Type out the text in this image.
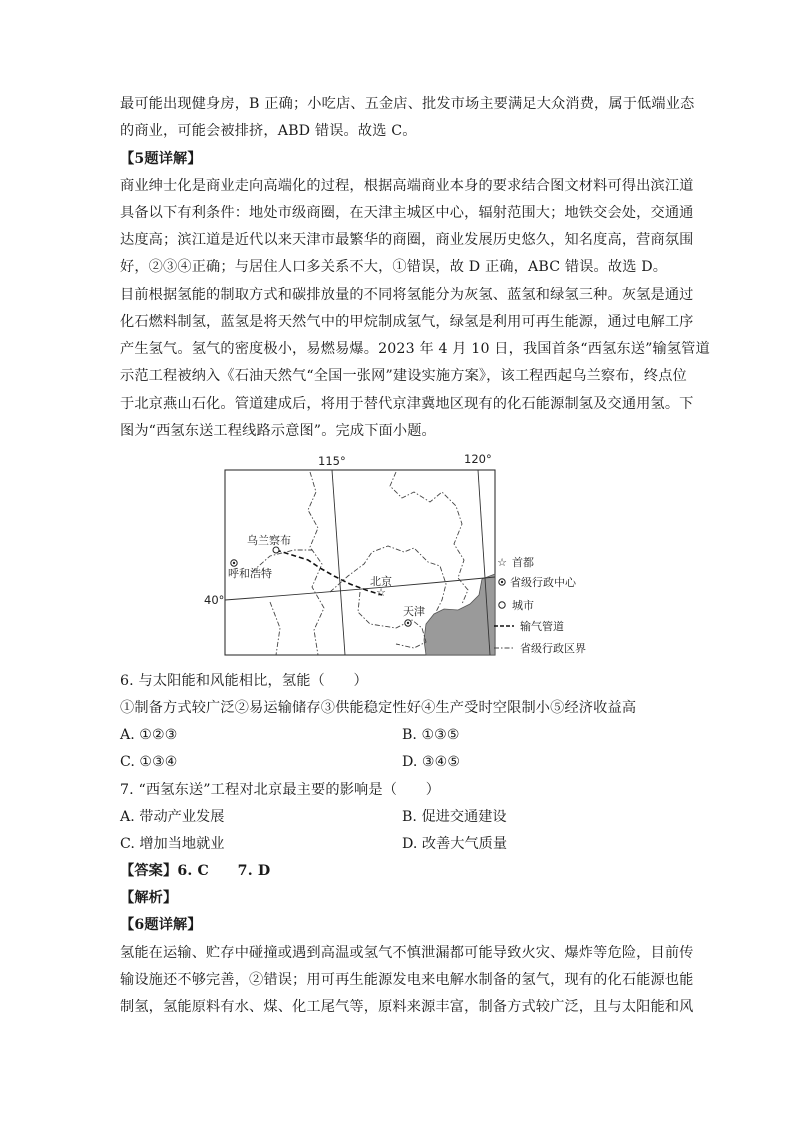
最可能出现健身房，B 正确；小吃店、五金店、批发市场主要满足大众消费，属于低端业态
的商业，可能会被排挤，ABD 错误。故选 C。
【5题详解】
商业绅士化是商业走向高端化的过程，根据高端商业本身的要求结合图文材料可得出滨江道
具备以下有利条件：地处市级商圈，在天津主城区中心，辐射范围大；地铁交会处，交通通
达度高；滨江道是近代以来天津市最繁华的商圈，商业发展历史悠久，知名度高，营商氛围
好，②③④正确；与居住人口多关系不大，①错误，故 D 正确，ABC 错误。故选 D。
目前根据氢能的制取方式和碳排放量的不同将氢能分为灰氢、蓝氢和绿氢三种。灰氢是通过
化石燃料制氢，蓝氢是将天然气中的甲烷制成氢气，绿氢是利用可再生能源，通过电解工序
产生氢气。氢气的密度极小，易燃易爆。2023 年 4 月 10 日，我国首条“西氢东送”输氢管道
示范工程被纳入《石油天然气“全国一张网”建设实施方案》，该工程西起乌兰察布，终点位
于北京燕山石化。管道建成后，将用于替代京津冀地区现有的化石能源制氢及交通用氢。下
图为“西氢东送工程线路示意图”。完成下面小题。
115°	120°
40°
乌兰察布
呼和浩特
☆
北京
天津
☆ 首都
省级行政中心
城市
输气管道
省级行政区界
6. 与太阳能和风能相比，氢能（　　）
①制备方式较广泛②易运输储存③供能稳定性好④生产受时空限制小⑤经济收益高
A. ①②③	B. ①③⑤
C. ①③④	D. ③④⑤
7. “西氢东送”工程对北京最主要的影响是（　　）
A. 带动产业发展	B. 促进交通建设
C. 增加当地就业	D. 改善大气质量
【答案】6. C　　7. D
【解析】
【6题详解】
氢能在运输、贮存中碰撞或遇到高温或氢气不慎泄漏都可能导致火灾、爆炸等危险，目前传
输设施还不够完善，②错误；用可再生能源发电来电解水制备的氢气，现有的化石能源也能
制氢，氢能原料有水、煤、化工尾气等，原料来源丰富，制备方式较广泛，且与太阳能和风
